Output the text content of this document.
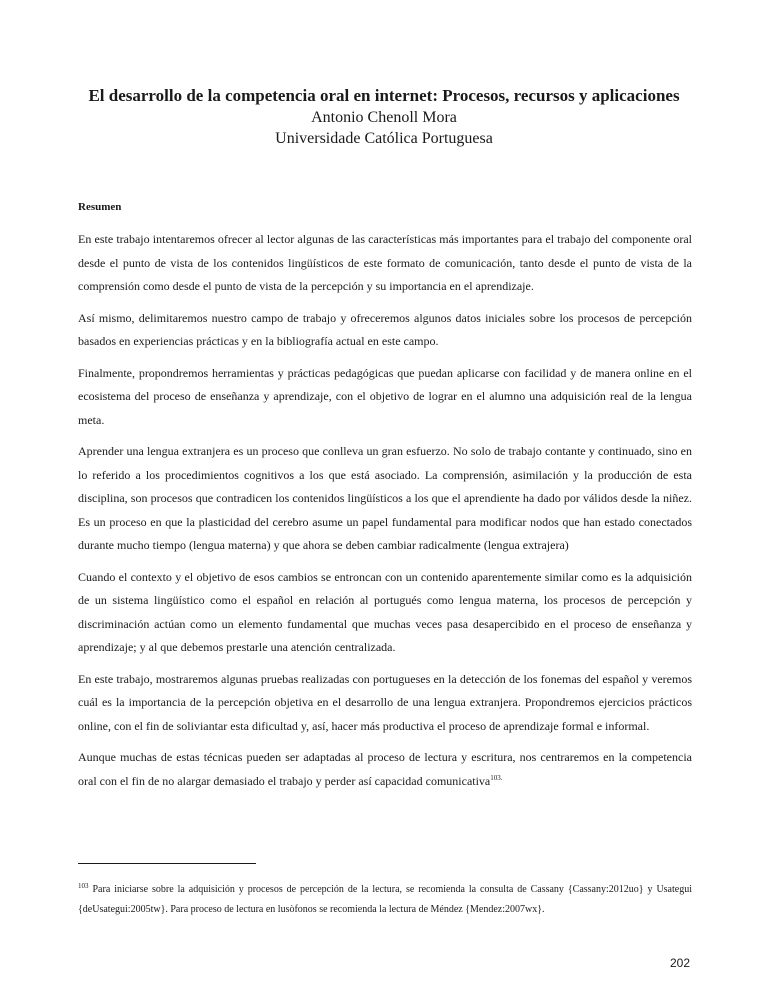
El desarrollo de la competencia oral en internet: Procesos, recursos y aplicaciones

Antonio Chenoll Mora

Universidade Católica Portuguesa

Resumen

En este trabajo intentaremos ofrecer al lector algunas de las características más importantes para el trabajo del componente oral desde el punto de vista de los contenidos lingüísticos de este formato de comunicación, tanto desde el punto de vista de la comprensión como desde el punto de vista de la percepción y su importancia en el aprendizaje.

Así mismo, delimitaremos nuestro campo de trabajo y ofreceremos algunos datos iniciales sobre los procesos de percepción basados en experiencias prácticas y en la bibliografía actual en este campo.

Finalmente, propondremos herramientas y prácticas pedagógicas que puedan aplicarse con facilidad y de manera online en el ecosistema del proceso de enseñanza y aprendizaje, con el objetivo de lograr en el alumno una adquisición real de la lengua meta.

Aprender una lengua extranjera es un proceso que conlleva un gran esfuerzo. No solo de trabajo contante y continuado, sino en lo referido a los procedimientos cognitivos a los que está asociado. La comprensión, asimilación y la producción de esta disciplina, son procesos que contradicen los contenidos lingüísticos a los que el aprendiente ha dado por válidos desde la niñez. Es un proceso en que la plasticidad del cerebro asume un papel fundamental para modificar nodos que han estado conectados durante mucho tiempo (lengua materna) y que ahora se deben cambiar radicalmente (lengua extrajera)

Cuando el contexto y el objetivo de esos cambios se entroncan con un contenido aparentemente similar como es la adquisición de un sistema lingüístico como el español en relación al portugués como lengua materna, los procesos de percepción y discriminación actúan como un elemento fundamental que muchas veces pasa desapercibido en el proceso de enseñanza y aprendizaje; y al que debemos prestarle una atención centralizada.

En este trabajo, mostraremos algunas pruebas realizadas con portugueses en la detección de los fonemas del español y veremos cuál es la importancia de la percepción objetiva en el desarrollo de una lengua extranjera. Propondremos ejercicios prácticos online, con el fin de soliviantar esta dificultad y, así, hacer más productiva el proceso de aprendizaje formal e informal.

Aunque muchas de estas técnicas pueden ser adaptadas al proceso de lectura y escritura, nos centraremos en la competencia oral con el fin de no alargar demasiado el trabajo y perder así capacidad comunicativa$^{103.}$

$^{103}$ Para iniciarse sobre la adquisición y procesos de percepción de la lectura, se recomienda la consulta de Cassany {Cassany:2012uo} y Usategui {deUsategui:2005tw}. Para proceso de lectura en lusòfonos se recomienda la lectura de Méndez {Mendez:2007wx}.

202
